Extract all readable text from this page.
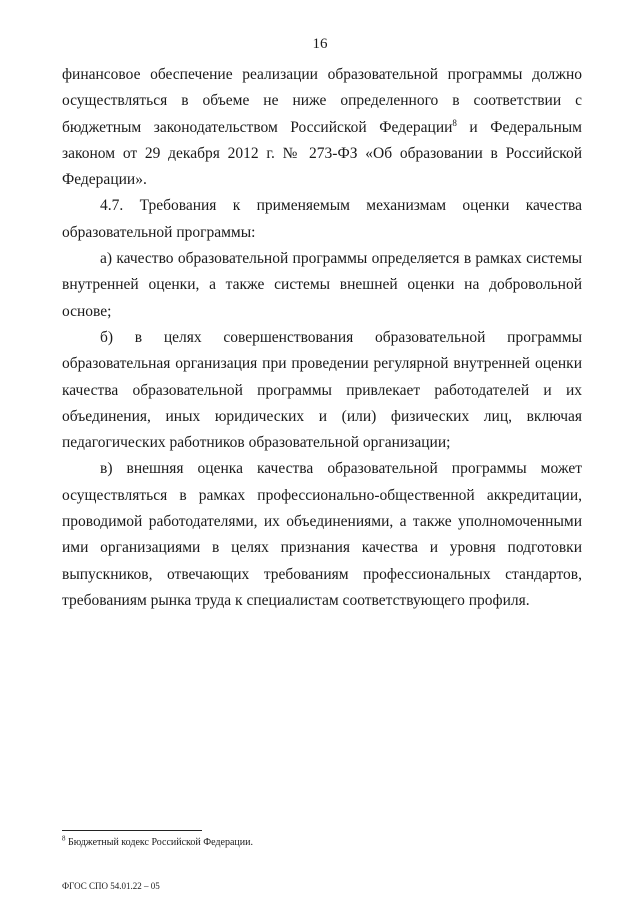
16

финансовое обеспечение реализации образовательной программы должно осуществляться в объеме не ниже определенного в соответствии с бюджетным законодательством Российской Федерации$^8$ и Федеральным законом от 29 декабря 2012 г. № 273-ФЗ «Об образовании в Российской Федерации».

4.7. Требования к применяемым механизмам оценки качества образовательной программы:

а) качество образовательной программы определяется в рамках системы внутренней оценки, а также системы внешней оценки на добровольной основе;

б) в целях совершенствования образовательной программы образовательная организация при проведении регулярной внутренней оценки качества образовательной программы привлекает работодателей и их объединения, иных юридических и (или) физических лиц, включая педагогических работников образовательной организации;

в) внешняя оценка качества образовательной программы может осуществляться в рамках профессионально-общественной аккредитации, проводимой работодателями, их объединениями, а также уполномоченными ими организациями в целях признания качества и уровня подготовки выпускников, отвечающих требованиям профессиональных стандартов, требованиям рынка труда к специалистам соответствующего профиля.

$^8$ Бюджетный кодекс Российской Федерации.
ФГОС СПО 54.01.22 – 05
